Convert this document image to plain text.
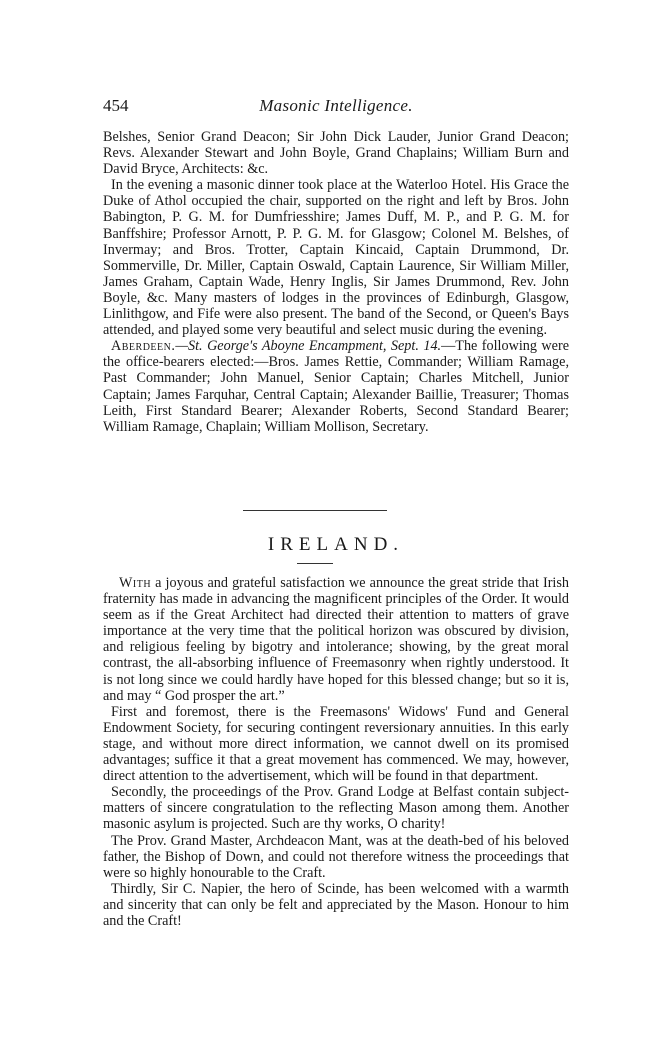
454	Masonic Intelligence.

Belshes, Senior Grand Deacon; Sir John Dick Lauder, Junior Grand Deacon; Revs. Alexander Stewart and John Boyle, Grand Chaplains; William Burn and David Bryce, Architects: &c.

In the evening a masonic dinner took place at the Waterloo Hotel. His Grace the Duke of Athol occupied the chair, supported on the right and left by Bros. John Babington, P. G. M. for Dumfriesshire; James Duff, M. P., and P. G. M. for Banffshire; Professor Arnott, P. P. G. M. for Glasgow; Colonel M. Belshes, of Invermay; and Bros. Trotter, Captain Kincaid, Captain Drummond, Dr. Sommerville, Dr. Miller, Captain Oswald, Captain Laurence, Sir William Miller, James Graham, Captain Wade, Henry Inglis, Sir James Drummond, Rev. John Boyle, &c. Many masters of lodges in the provinces of Edinburgh, Glasgow, Linlithgow, and Fife were also present. The band of the Second, or Queen's Bays attended, and played some very beautiful and select music during the evening.

Aberdeen.—St. George's Aboyne Encampment, Sept. 14.—The following were the office-bearers elected:—Bros. James Rettie, Commander; William Ramage, Past Commander; John Manuel, Senior Captain; Charles Mitchell, Junior Captain; James Farquhar, Central Captain; Alexander Baillie, Treasurer; Thomas Leith, First Standard Bearer; Alexander Roberts, Second Standard Bearer; William Ramage, Chaplain; William Mollison, Secretary.

IRELAND.

With a joyous and grateful satisfaction we announce the great stride that Irish fraternity has made in advancing the magnificent principles of the Order. It would seem as if the Great Architect had directed their attention to matters of grave importance at the very time that the political horizon was obscured by division, and religious feeling by bigotry and intolerance; showing, by the great moral contrast, the all-absorbing influence of Freemasonry when rightly understood. It is not long since we could hardly have hoped for this blessed change; but so it is, and may “ God prosper the art.”

First and foremost, there is the Freemasons' Widows' Fund and General Endowment Society, for securing contingent reversionary annuities. In this early stage, and without more direct information, we cannot dwell on its promised advantages; suffice it that a great movement has commenced. We may, however, direct attention to the advertisement, which will be found in that department.

Secondly, the proceedings of the Prov. Grand Lodge at Belfast contain subject-matters of sincere congratulation to the reflecting Mason among them. Another masonic asylum is projected. Such are thy works, O charity!

The Prov. Grand Master, Archdeacon Mant, was at the death-bed of his beloved father, the Bishop of Down, and could not therefore witness the proceedings that were so highly honourable to the Craft.

Thirdly, Sir C. Napier, the hero of Scinde, has been welcomed with a warmth and sincerity that can only be felt and appreciated by the Mason. Honour to him and the Craft!
